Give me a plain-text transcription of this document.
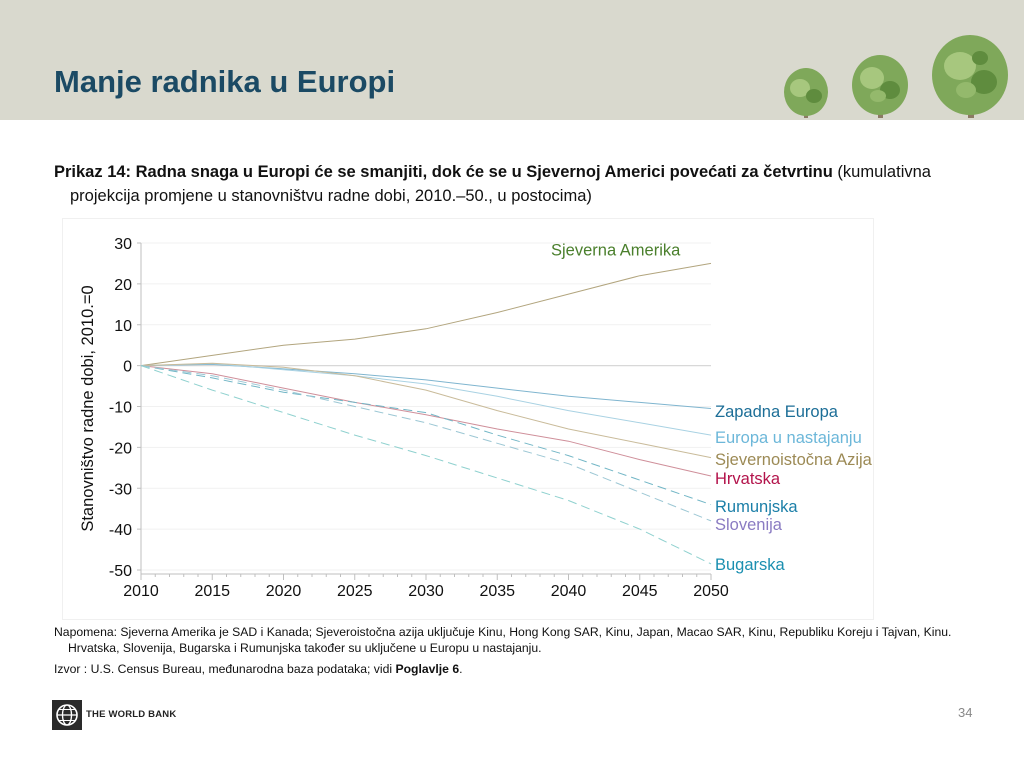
Manje radnika u Europi
Prikaz 14: Radna snaga u Europi će se smanjiti, dok će se u Sjevernoj Americi povećati za četvrtinu (kumulativna projekcija promjene u stanovništvu radne dobi, 2010.–50., u postocima)
30
20
10
0
-10
-20
-30
-40
-50
2010 2015 2020 2025 2030 2035 2040 2045 2050
Stanovništvo radne dobi, 2010.=0
Sjeverna Amerika
Zapadna Europa
Europa u nastajanju
Sjevernoistočna Azija
Hrvatska
Rumunjska
Slovenija
Bugarska
Napomena: Sjeverna Amerika je SAD i Kanada; Sjeveroistočna azija uključuje Kinu, Hong Kong SAR, Kinu, Japan, Macao SAR, Kinu, Republiku Koreju i Tajvan, Kinu. Hrvatska, Slovenija, Bugarska i Rumunjska također su uključene u Europu u nastajanju.
Izvor : U.S. Census Bureau, međunarodna baza podataka; vidi Poglavlje 6.
THE WORLD BANK	34
